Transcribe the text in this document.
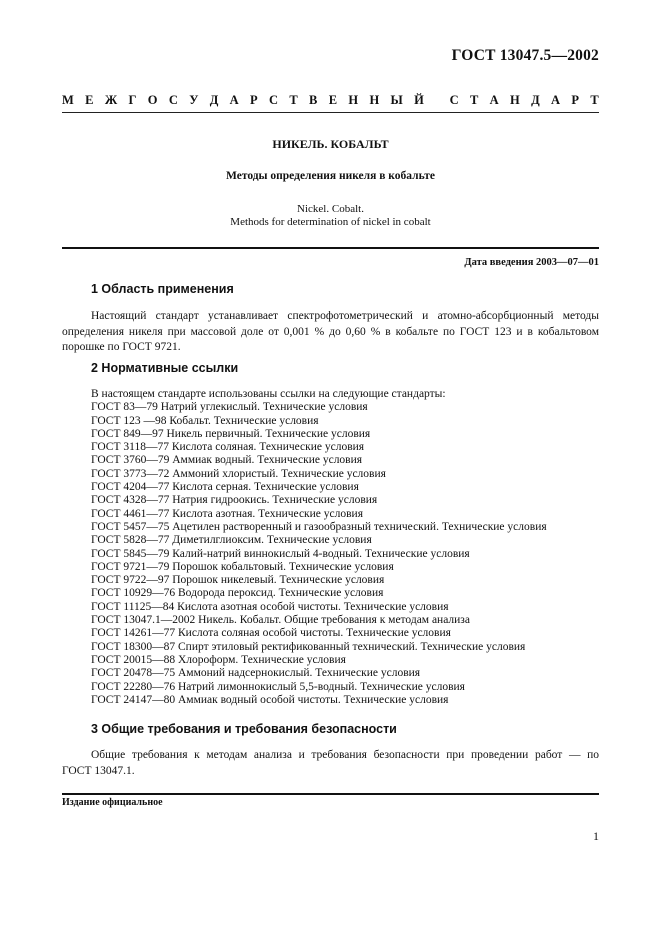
ГОСТ 13047.5—2002
М Е Ж Г О С У Д А Р С Т В Е Н Н Ы Й
С Т А Н Д А Р Т
НИКЕЛЬ. КОБАЛЬТ
Методы определения никеля в кобальте
Nickel. Cobalt.
Methods for determination of nickel in cobalt
Дата введения 2003—07—01
1 Область применения
Настоящий стандарт устанавливает спектрофотометрический и атомно-абсорбционный методы
определения никеля при массовой доле от 0,001 % до 0,60 % в кобальте по ГОСТ 123 и в кобальтовом
порошке по ГОСТ 9721.
2 Нормативные ссылки
В настоящем стандарте использованы ссылки на следующие стандарты:
ГОСТ 83—79 Натрий углекислый. Технические условия
ГОСТ 123 —98 Кобальт. Технические условия
ГОСТ 849—97 Никель первичный. Технические условия
ГОСТ 3118—77 Кислота соляная. Технические условия
ГОСТ 3760—79 Аммиак водный. Технические условия
ГОСТ 3773—72 Аммоний хлористый. Технические условия
ГОСТ 4204—77 Кислота серная. Технические условия
ГОСТ 4328—77 Натрия гидроокись. Технические условия
ГОСТ 4461—77 Кислота азотная. Технические условия
ГОСТ 5457—75 Ацетилен растворенный и газообразный технический. Технические условия
ГОСТ 5828—77 Диметилглиоксим. Технические условия
ГОСТ 5845—79 Калий-натрий виннокислый 4-водный. Технические условия
ГОСТ 9721—79 Порошок кобальтовый. Технические условия
ГОСТ 9722—97 Порошок никелевый. Технические условия
ГОСТ 10929—76 Водорода пероксид. Технические условия
ГОСТ 11125—84 Кислота азотная особой чистоты. Технические условия
ГОСТ 13047.1—2002 Никель. Кобальт. Общие требования к методам анализа
ГОСТ 14261—77 Кислота соляная особой чистоты. Технические условия
ГОСТ 18300—87 Спирт этиловый ректификованный технический. Технические условия
ГОСТ 20015—88 Хлороформ. Технические условия
ГОСТ 20478—75 Аммоний надсернокислый. Технические условия
ГОСТ 22280—76 Натрий лимоннокислый 5,5-водный. Технические условия
ГОСТ 24147—80 Аммиак водный особой чистоты. Технические условия
3 Общие требования и требования безопасности
Общие требования к методам анализа и требования безопасности при проведении работ — по
ГОСТ 13047.1.
Издание официальное
1
